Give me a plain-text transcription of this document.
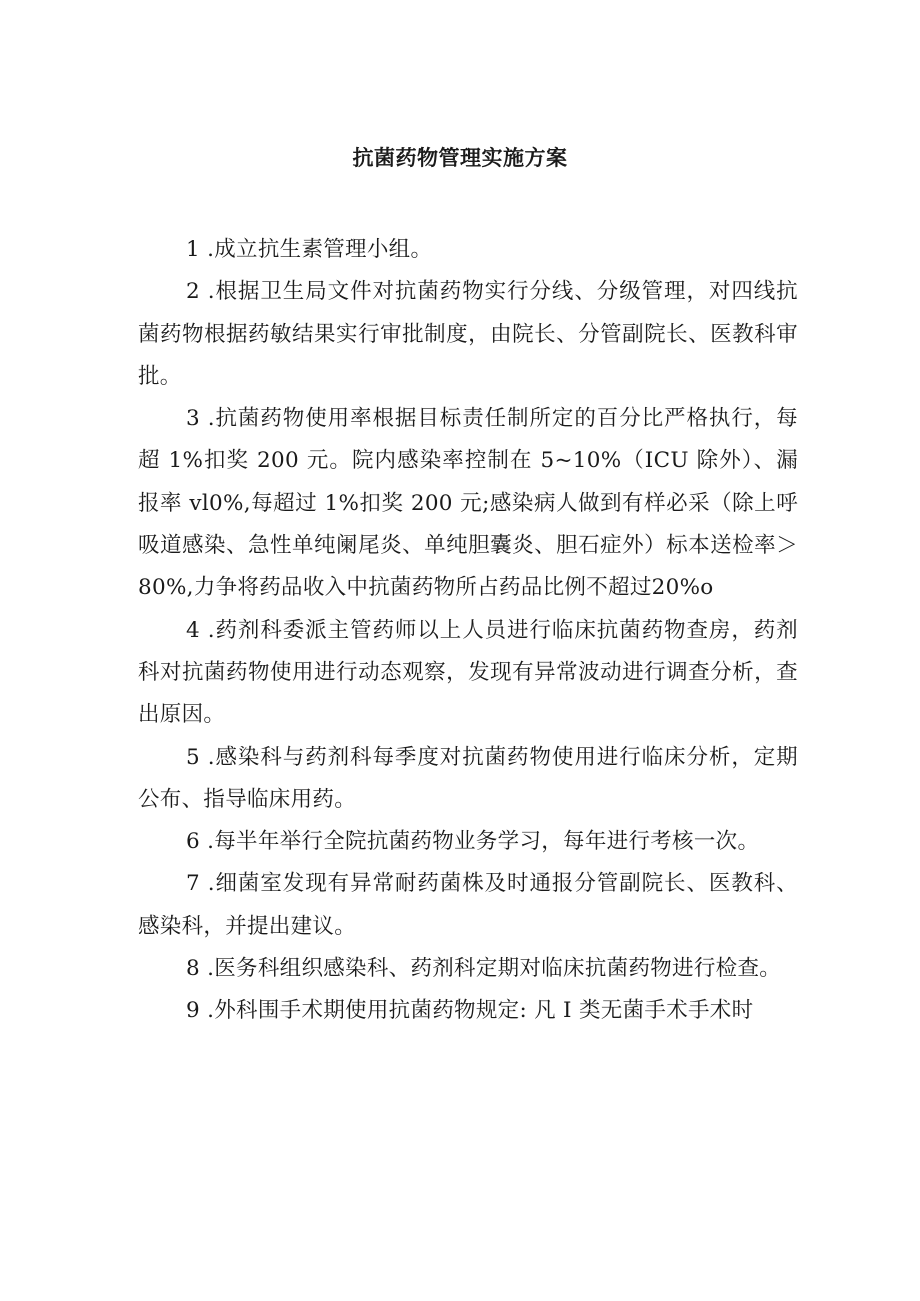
抗菌药物管理实施方案

1 .成立抗生素管理小组。

2 .根据卫生局文件对抗菌药物实行分线、分级管理，对四线抗菌药物根据药敏结果实行审批制度，由院长、分管副院长、医教科审批。

3 .抗菌药物使用率根据目标责任制所定的百分比严格执行，每超 1%扣奖 200 元。院内感染率控制在 5~10%（ICU 除外）、漏报率 vl0%,每超过 1%扣奖 200 元;感染病人做到有样必采（除上呼吸道感染、急性单纯阑尾炎、单纯胆囊炎、胆石症外）标本送检率＞80%,力争将药品收入中抗菌药物所占药品比例不超过20%o

4 .药剂科委派主管药师以上人员进行临床抗菌药物查房，药剂科对抗菌药物使用进行动态观察，发现有异常波动进行调查分析，查出原因。

5 .感染科与药剂科每季度对抗菌药物使用进行临床分析，定期公布、指导临床用药。

6 .每半年举行全院抗菌药物业务学习，每年进行考核一次。

7 .细菌室发现有异常耐药菌株及时通报分管副院长、医教科、感染科，并提出建议。

8 .医务科组织感染科、药剂科定期对临床抗菌药物进行检查。

9 .外科围手术期使用抗菌药物规定: 凡 I 类无菌手术手术时
